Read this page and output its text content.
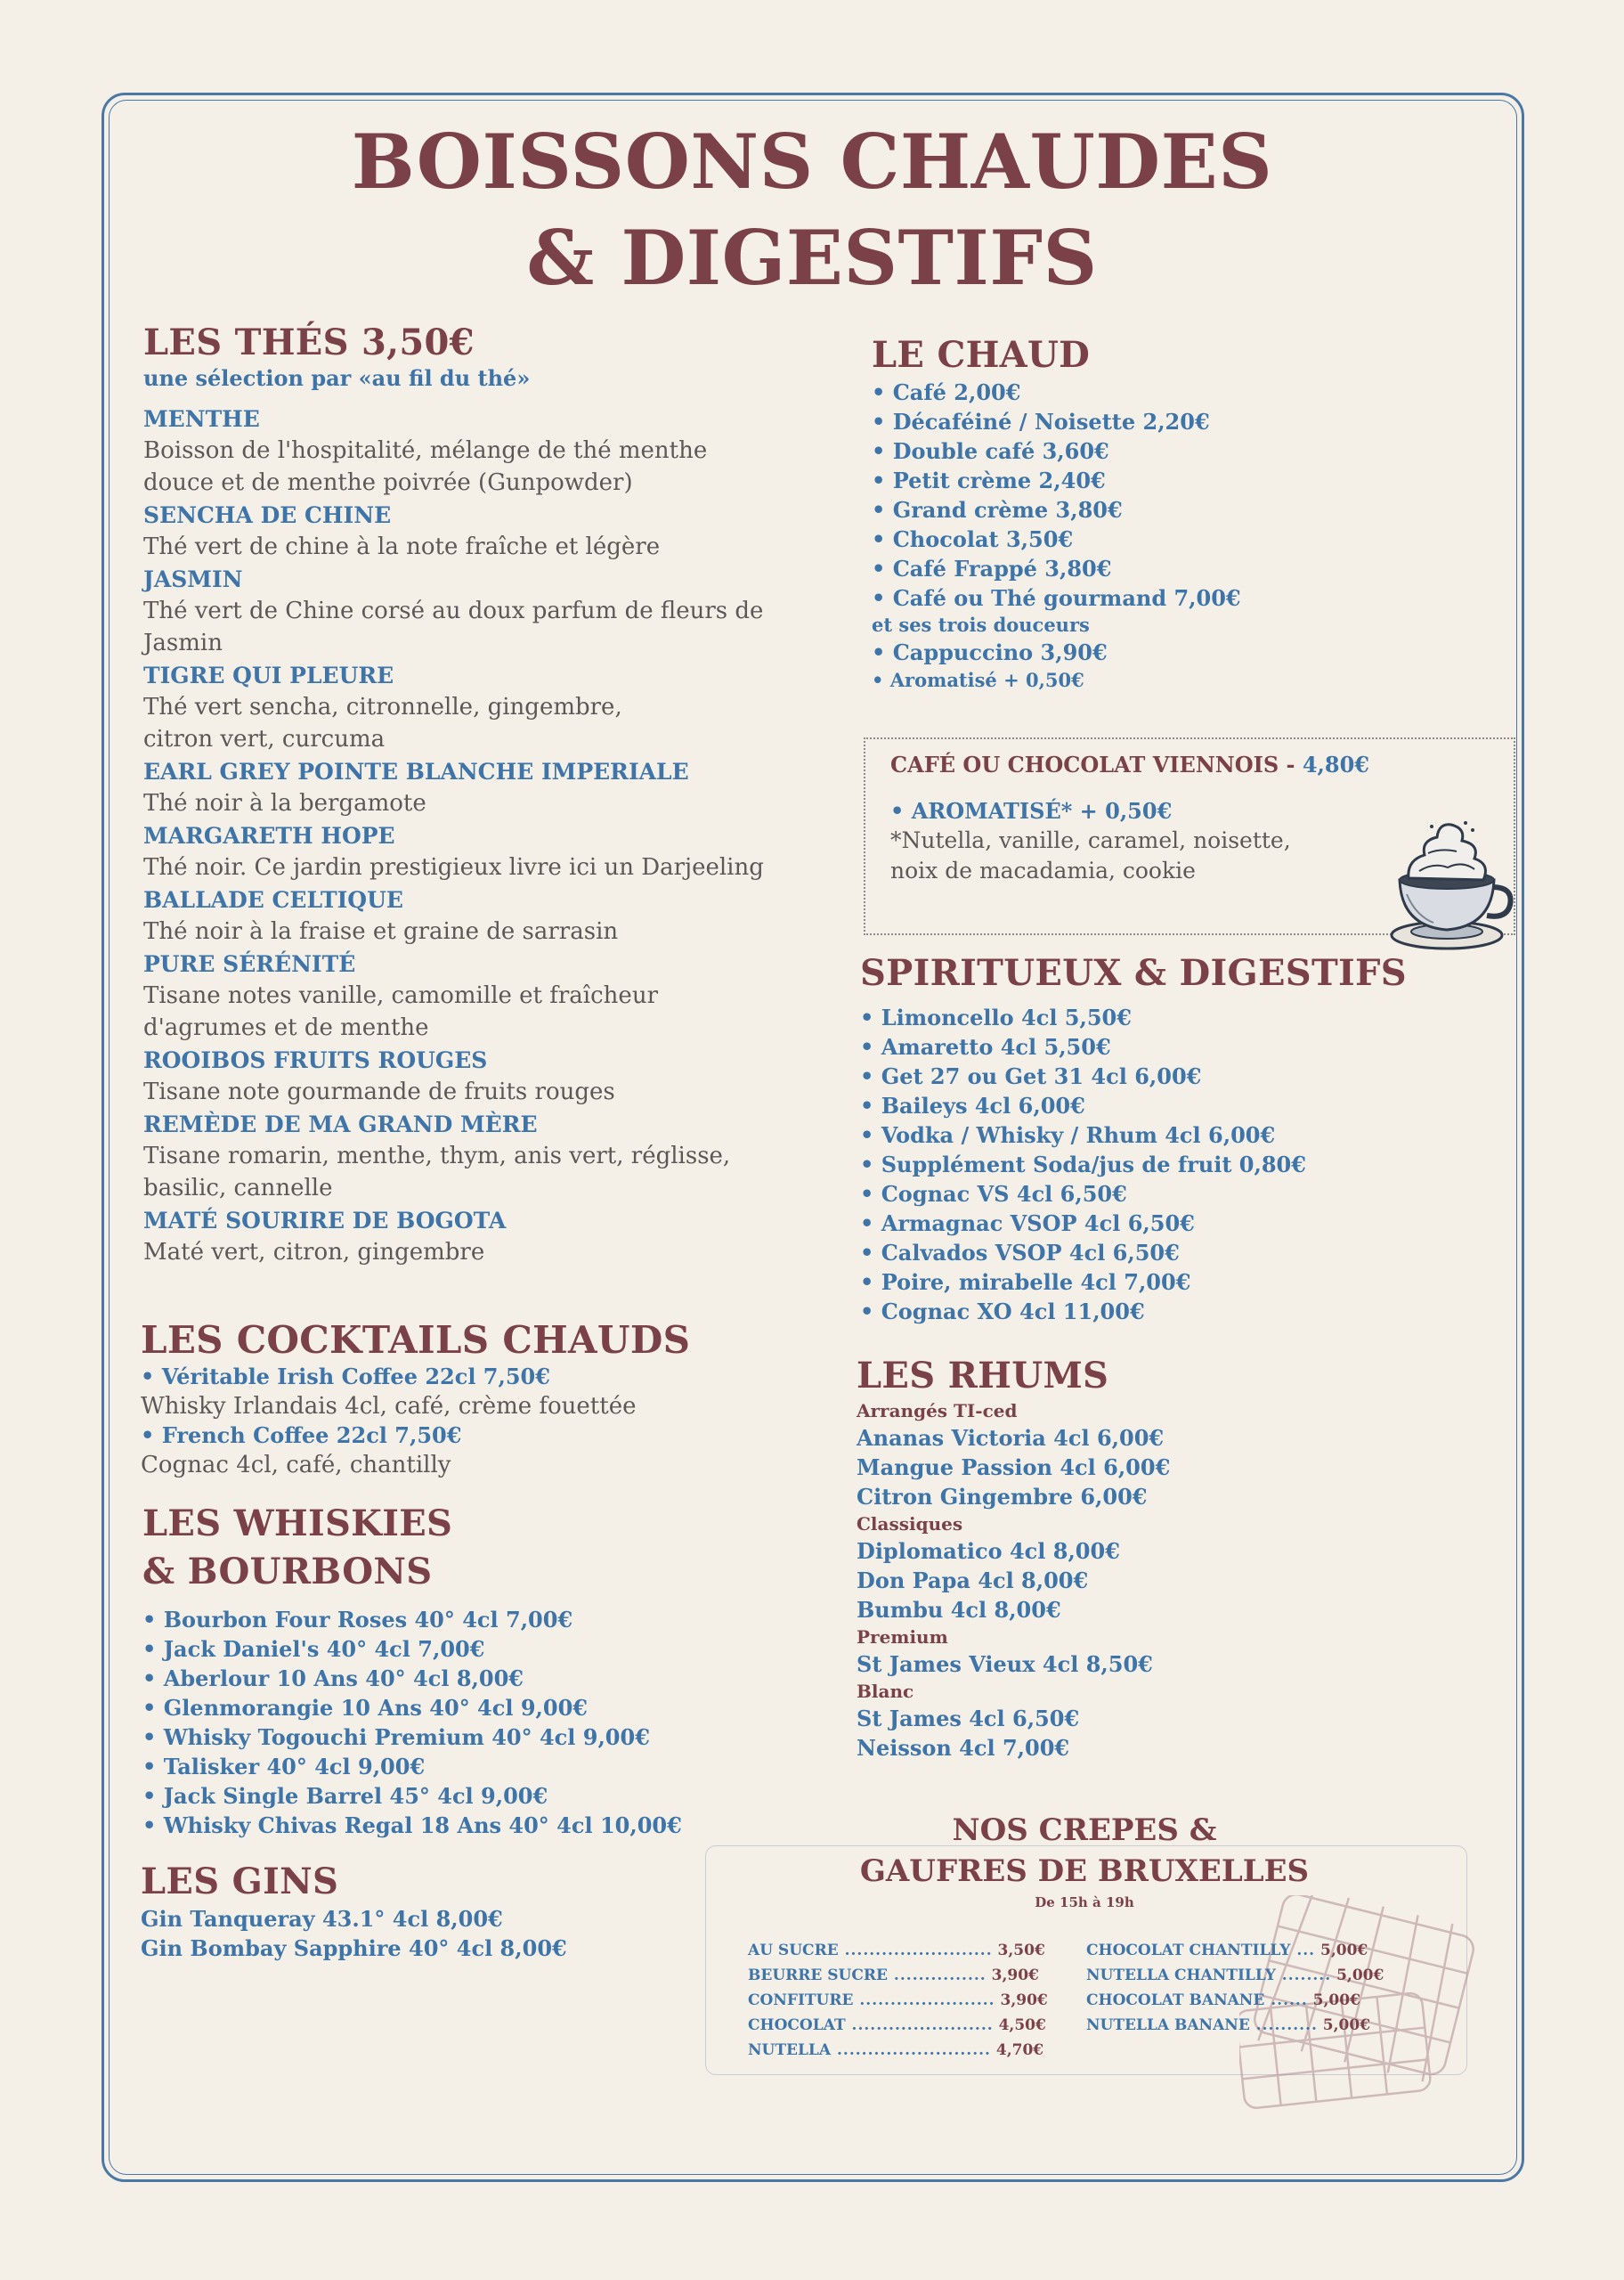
BOISSONS CHAUDES
& DIGESTIFS
LES THÉS 3,50€
une sélection par «au fil du thé»
MENTHE
Boisson de l'hospitalité, mélange de thé menthe
douce et de menthe poivrée (Gunpowder)
SENCHA DE CHINE
Thé vert de chine à la note fraîche et légère
JASMIN
Thé vert de Chine corsé au doux parfum de fleurs de
Jasmin
TIGRE QUI PLEURE
Thé vert sencha, citronnelle, gingembre,
citron vert, curcuma
EARL GREY POINTE BLANCHE IMPERIALE
Thé noir à la bergamote
MARGARETH HOPE
Thé noir. Ce jardin prestigieux livre ici un Darjeeling
BALLADE CELTIQUE
Thé noir à la fraise et graine de sarrasin
PURE SÉRÉNITÉ
Tisane notes vanille, camomille et fraîcheur
d'agrumes et de menthe
ROOIBOS FRUITS ROUGES
Tisane note gourmande de fruits rouges
REMÈDE DE MA GRAND MÈRE
Tisane romarin, menthe, thym, anis vert, réglisse,
basilic, cannelle
MATÉ SOURIRE DE BOGOTA
Maté vert, citron, gingembre
LES COCKTAILS CHAUDS
• Véritable Irish Coffee 22cl 7,50€
Whisky Irlandais 4cl, café, crème fouettée
• French Coffee 22cl 7,50€
Cognac 4cl, café, chantilly
LES WHISKIES
& BOURBONS
• Bourbon Four Roses 40° 4cl 7,00€
• Jack Daniel's 40° 4cl 7,00€
• Aberlour 10 Ans 40° 4cl 8,00€
• Glenmorangie 10 Ans 40° 4cl 9,00€
• Whisky Togouchi Premium 40° 4cl 9,00€
• Talisker 40° 4cl 9,00€
• Jack Single Barrel 45° 4cl 9,00€
• Whisky Chivas Regal 18 Ans 40° 4cl 10,00€
LES GINS
Gin Tanqueray 43.1° 4cl 8,00€
Gin Bombay Sapphire 40° 4cl 8,00€
LE CHAUD
• Café 2,00€
• Décaféiné / Noisette 2,20€
• Double café 3,60€
• Petit crème 2,40€
• Grand crème 3,80€
• Chocolat 3,50€
• Café Frappé 3,80€
• Café ou Thé gourmand 7,00€
et ses trois douceurs
• Cappuccino 3,90€
• Aromatisé + 0,50€
CAFÉ OU CHOCOLAT VIENNOIS - 4,80€
• AROMATISÉ* + 0,50€
*Nutella, vanille, caramel, noisette,
noix de macadamia, cookie
SPIRITUEUX & DIGESTIFS
• Limoncello 4cl 5,50€
• Amaretto 4cl 5,50€
• Get 27 ou Get 31 4cl 6,00€
• Baileys 4cl 6,00€
• Vodka / Whisky / Rhum 4cl 6,00€
• Supplément Soda/jus de fruit 0,80€
• Cognac VS 4cl 6,50€
• Armagnac VSOP 4cl 6,50€
• Calvados VSOP 4cl 6,50€
• Poire, mirabelle 4cl 7,00€
• Cognac XO 4cl 11,00€
LES RHUMS
Arrangés TI-ced
Ananas Victoria 4cl 6,00€
Mangue Passion 4cl 6,00€
Citron Gingembre 6,00€
Classiques
Diplomatico 4cl 8,00€
Don Papa 4cl 8,00€
Bumbu 4cl 8,00€
Premium
St James Vieux 4cl 8,50€
Blanc
St James 4cl 6,50€
Neisson 4cl 7,00€
NOS CREPES &
GAUFRES DE BRUXELLES
De 15h à 19h
AU SUCRE ........................ 3,50€
BEURRE SUCRE ............... 3,90€
CONFITURE ...................... 3,90€
CHOCOLAT ....................... 4,50€
NUTELLA ......................... 4,70€
CHOCOLAT CHANTILLY ... 5,00€
NUTELLA CHANTILLY ........ 5,00€
CHOCOLAT BANANE ...... 5,00€
NUTELLA BANANE .......... 5,00€
